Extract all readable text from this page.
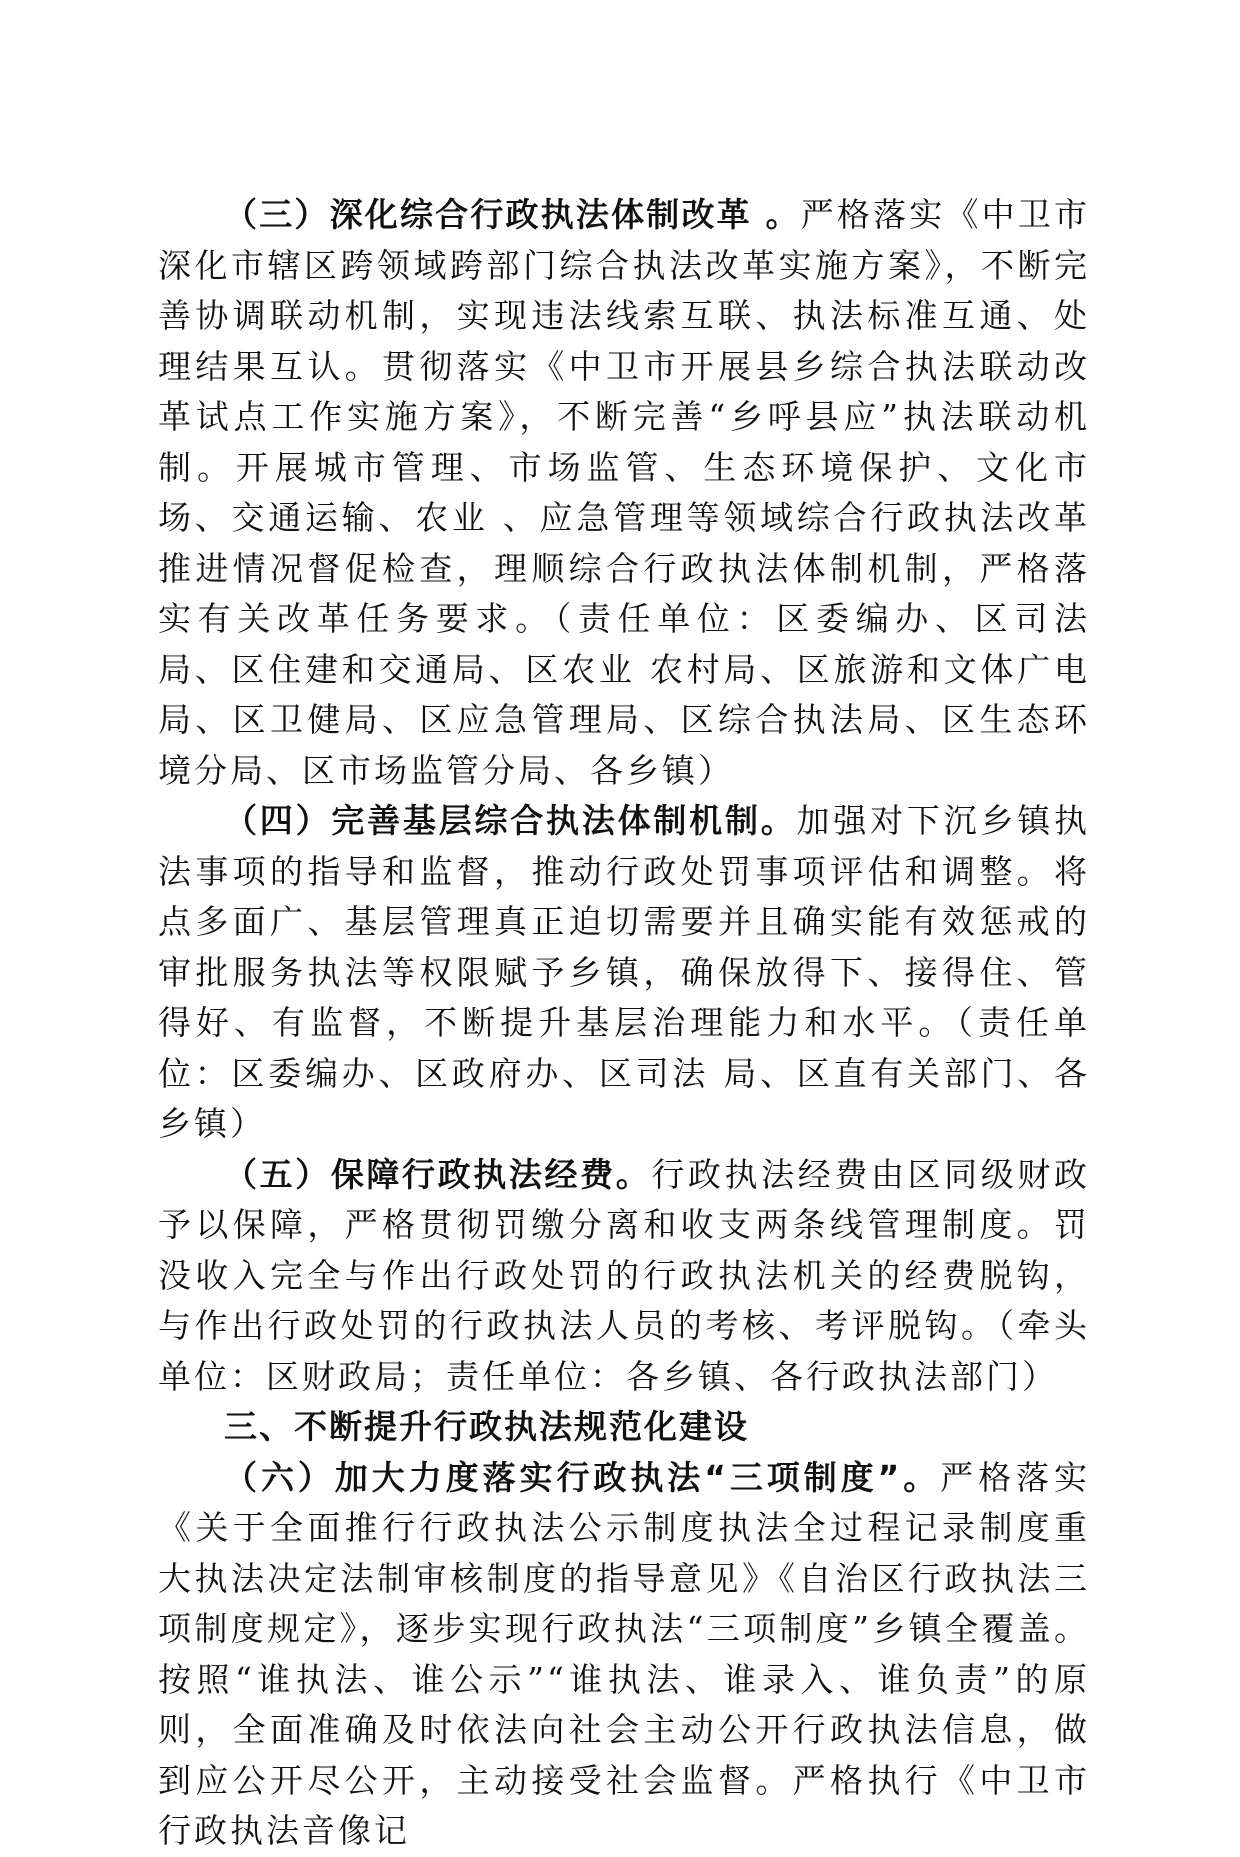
（三）深化综合行政执法体制改革 。严格落实《中卫市深化市辖区跨领域跨部门综合执法改革实施方案》，不断完善协调联动机制，实现违法线索互联、执法标准互通、处理结果互认。贯彻落实《中卫市开展县乡综合执法联动改革试点工作实施方案》，不断完善“乡呼县应”执法联动机制。开展城市管理、市场监管、生态环境保护、文化市场、交通运输、农业 、应急管理等领域综合行政执法改革推进情况督促检查，理顺综合行政执法体制机制，严格落实有关改革任务要求。（责任单位：区委编办、区司法 局、区住建和交通局、区农业 农村局、区旅游和文体广电局、区卫健局、区应急管理局、区综合执法局、区生态环境分局、区市场监管分局、各乡镇）

（四）完善基层综合执法体制机制。加强对下沉乡镇执法事项的指导和监督，推动行政处罚事项评估和调整。将点多面广、基层管理真正迫切需要并且确实能有效惩戒的审批服务执法等权限赋予乡镇，确保放得下、接得住、管得好、有监督，不断提升基层治理能力和水平。（责任单位：区委编办、区政府办、区司法 局、区直有关部门、各乡镇）

（五）保障行政执法经费。行政执法经费由区同级财政予以保障，严格贯彻罚缴分离和收支两条线管理制度。罚没收入完全与作出行政处罚的行政执法机关的经费脱钩，与作出行政处罚的行政执法人员的考核、考评脱钩。（牵头单位：区财政局；责任单位：各乡镇、各行政执法部门）

三、不断提升行政执法规范化建设

（六）加大力度落实行政执法“三项制度”。严格落实《关于全面推行行政执法公示制度执法全过程记录制度重大执法决定法制审核制度的指导意见》《自治区行政执法三项制度规定》，逐步实现行政执法“三项制度”乡镇全覆盖。按照“谁执法、谁公示”“谁执法、谁录入、谁负责”的原则，全面准确及时依法向社会主动公开行政执法信息，做到应公开尽公开，主动接受社会监督。严格执行《中卫市行政执法音像记
